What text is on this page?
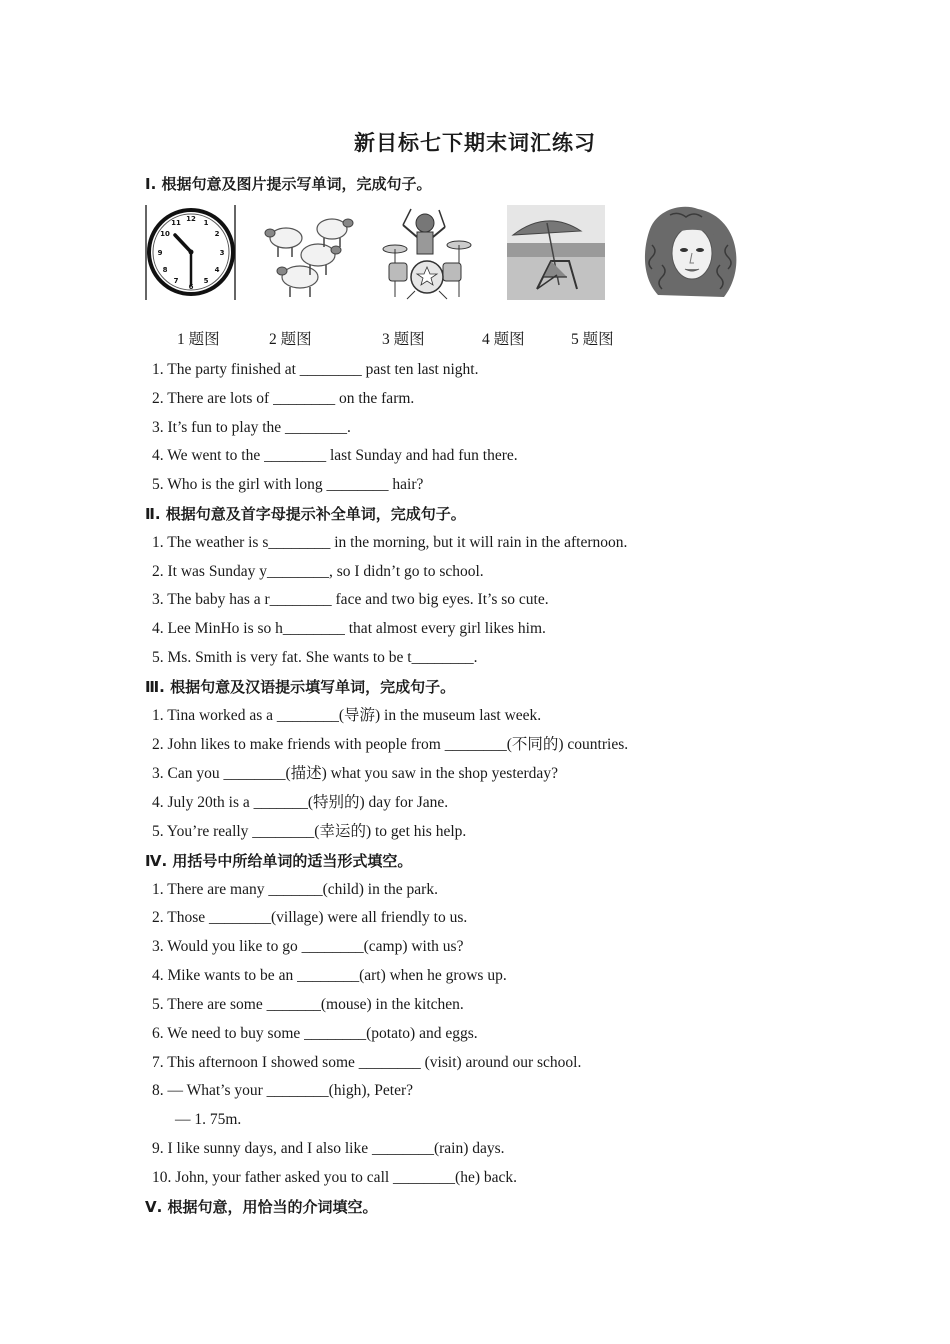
新目标七下期末词汇练习
Ⅰ. 根据句意及图片提示写单词，完成句子。
12 1
2
3
4
5
6
7
8
9
10
11
1 题图	2 题图	3 题图	4 题图	5 题图
1. The party finished at ________ past ten last night.
2. There are lots of ________ on the farm.
3. It’s fun to play the ________.
4. We went to the ________ last Sunday and had fun there.
5. Who is the girl with long ________ hair?
Ⅱ. 根据句意及首字母提示补全单词，完成句子。
1. The weather is s________ in the morning, but it will rain in the afternoon.
2. It was Sunday y________, so I didn’t go to school.
3. The baby has a r________ face and two big eyes. It’s so cute.
4. Lee MinHo is so h________ that almost every girl likes him.
5. Ms. Smith is very fat. She wants to be t________.
Ⅲ. 根据句意及汉语提示填写单词，完成句子。
1. Tina worked as a ________(导游) in the museum last week.
2. John likes to make friends with people from ________(不同的) countries.
3. Can you ________(描述) what you saw in the shop yesterday?
4. July 20th is a _______(特别的) day for Jane.
5. You’re really ________(幸运的) to get his help.
Ⅳ. 用括号中所给单词的适当形式填空。
1. There are many _______(child) in the park.
2. Those ________(village) were all friendly to us.
3. Would you like to go ________(camp) with us?
4. Mike wants to be an ________(art) when he grows up.
5. There are some _______(mouse) in the kitchen.
6. We need to buy some ________(potato) and eggs.
7. This afternoon I showed some ________ (visit) around our school.
8. — What’s your ________(high), Peter?
— 1. 75m.
9. I like sunny days, and I also like ________(rain) days.
10. John, your father asked you to call ________(he) back.
Ⅴ. 根据句意，用恰当的介词填空。
